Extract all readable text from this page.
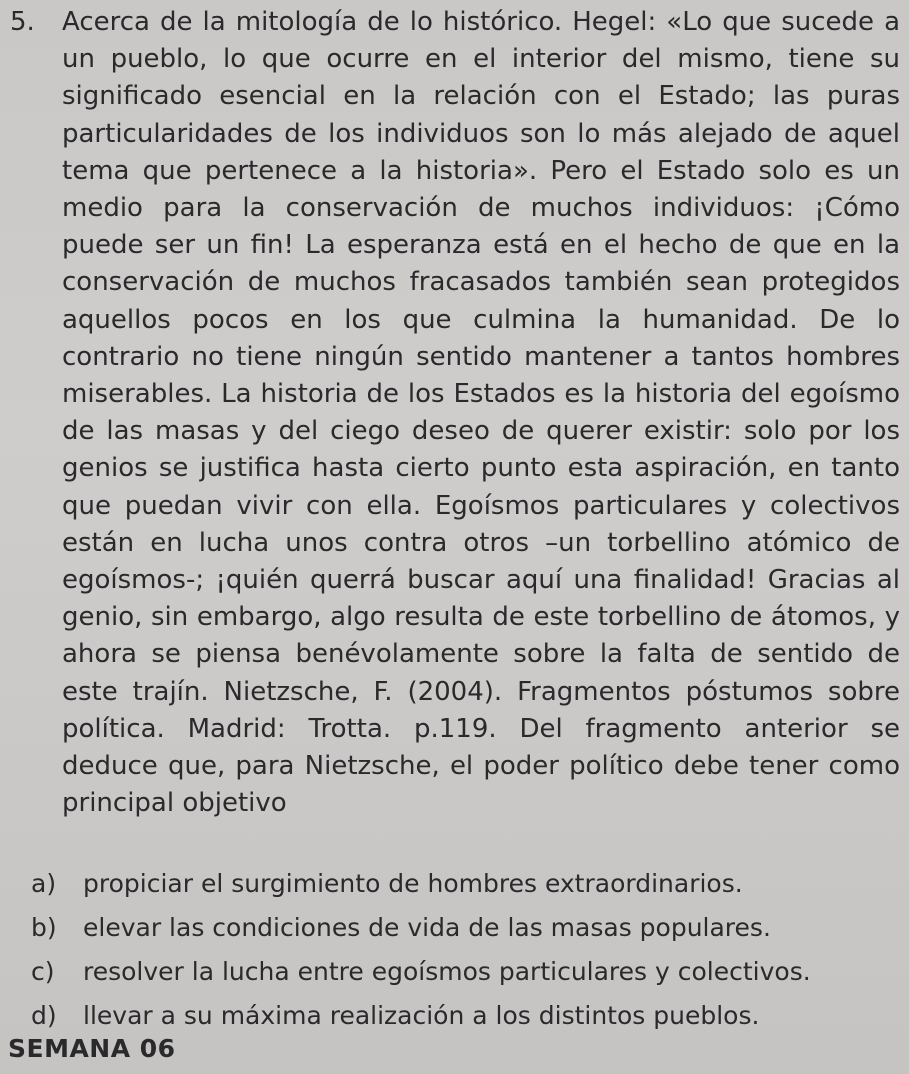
5.	Acerca de la mitología de lo histórico. Hegel: «Lo que sucede a un pueblo, lo que ocurre en el interior del mismo, tiene su significado esencial en la relación con el Estado; las puras particularidades de los individuos son lo más alejado de aquel tema que pertenece a la historia». Pero el Estado solo es un medio para la conservación de muchos individuos: ¡Cómo puede ser un fin! La esperanza está en el hecho de que en la conservación de muchos fracasados también sean protegidos aquellos pocos en los que culmina la humanidad. De lo contrario no tiene ningún sentido mantener a tantos hombres miserables. La historia de los Estados es la historia del egoísmo de las masas y del ciego deseo de querer existir: solo por los genios se justifica hasta cierto punto esta aspiración, en tanto que puedan vivir con ella. Egoísmos particulares y colectivos están en lucha unos contra otros –un torbellino atómico de egoísmos-; ¡quién querrá buscar aquí una finalidad! Gracias al genio, sin embargo, algo resulta de este torbellino de átomos, y ahora se piensa benévolamente sobre la falta de sentido de este trajín. Nietzsche, F. (2004). Fragmentos póstumos sobre política. Madrid: Trotta. p.119. Del fragmento anterior se deduce que, para Nietzsche, el poder político debe tener como principal objetivo
a)	propiciar el surgimiento de hombres extraordinarios.
b)	elevar las condiciones de vida de las masas populares.
c)	resolver la lucha entre egoísmos particulares y colectivos.
d)	llevar a su máxima realización a los distintos pueblos.
SEMANA 06
